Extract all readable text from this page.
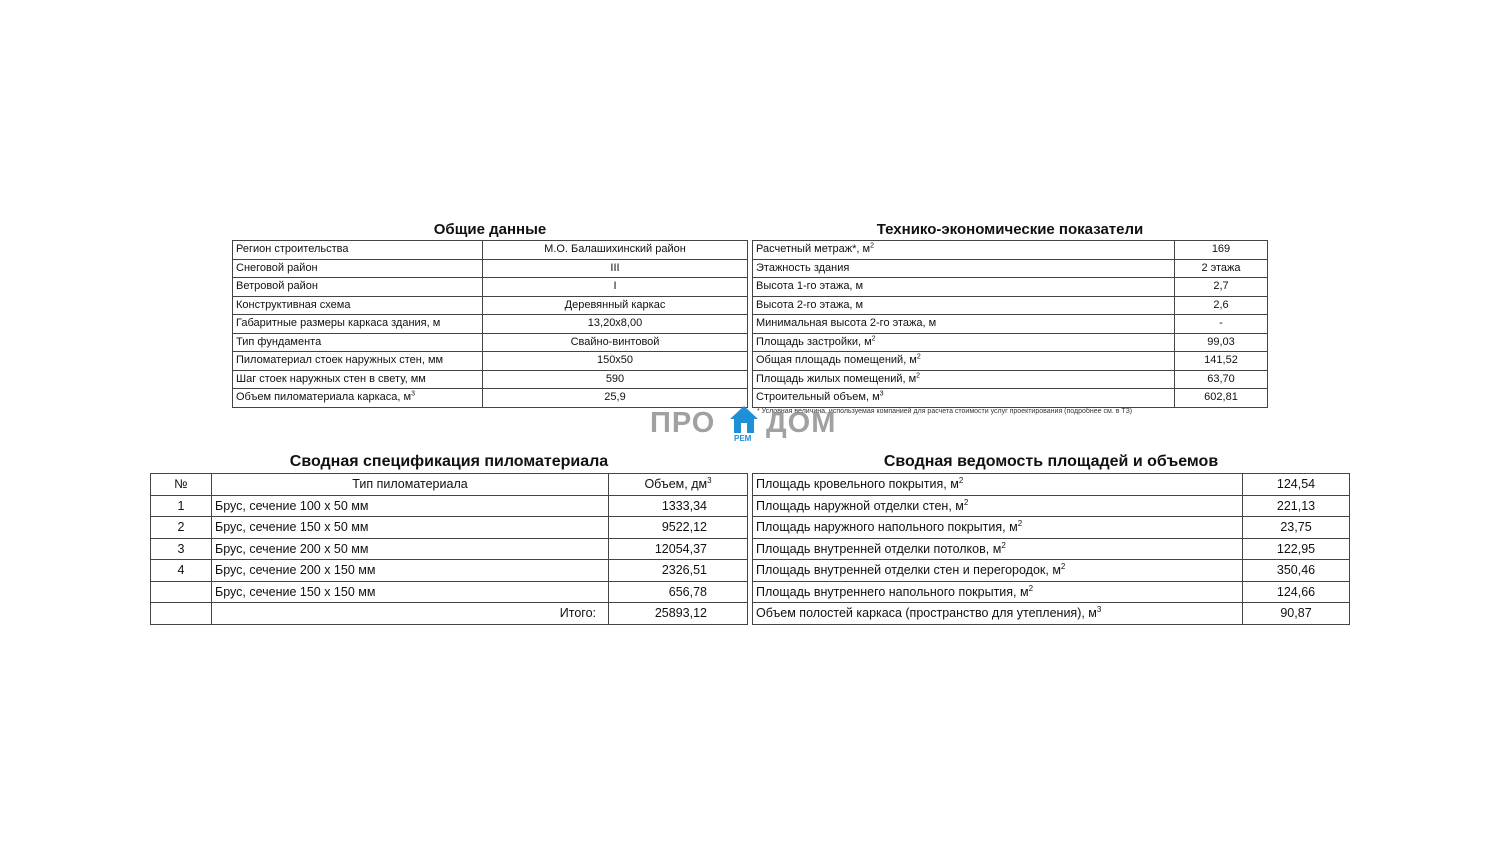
Общие данные
Регион строительства	М.О. Балашихинский район
Снеговой район	III
Ветровой район	I
Конструктивная схема	Деревянный каркас
Габаритные размеры каркаса здания, м	13,20x8,00
Тип фундамента	Свайно-винтовой
Пиломатериал стоек наружных стен, мм	150x50
Шаг стоек наружных стен в свету, мм	590
Объем пиломатериала каркаса, $м^3$	25,9
Технико-экономические показатели
Расчетный метраж*, $м^2$	169
Этажность здания	2 этажа
Высота 1-го этажа, м	2,7
Высота 2-го этажа, м	2,6
Минимальная высота 2-го этажа, м	-
Площадь застройки, $м^2$	99,03
Общая площадь помещений, $м^2$	141,52
Площадь жилых помещений, $м^2$	63,70
Строительный объем, $м^3$	602,81
* Условная величина, используемая компанией для расчета стоимости услуг проектирования (подробнее см. в ТЗ)
ПРО РЕМ ДОМ
Сводная спецификация пиломатериала
№	Тип пиломатериала	Объем, $дм^3$
1	Брус, сечение 100 х 50 мм	1333,34
2	Брус, сечение 150 х 50 мм	9522,12
3	Брус, сечение 200 х 50 мм	12054,37
4	Брус, сечение 200 х 150 мм	2326,51
	Брус, сечение 150 х 150 мм	656,78
	Итого:	25893,12
Сводная ведомость площадей и объемов
Площадь кровельного покрытия, $м^2$	124,54
Площадь наружной отделки стен, $м^2$	221,13
Площадь наружного напольного покрытия, $м^2$	23,75
Площадь внутренней отделки потолков, $м^2$	122,95
Площадь внутренней отделки стен и перегородок, $м^2$	350,46
Площадь внутреннего напольного покрытия, $м^2$	124,66
Объем полостей каркаса (пространство для утепления), $м^3$	90,87
